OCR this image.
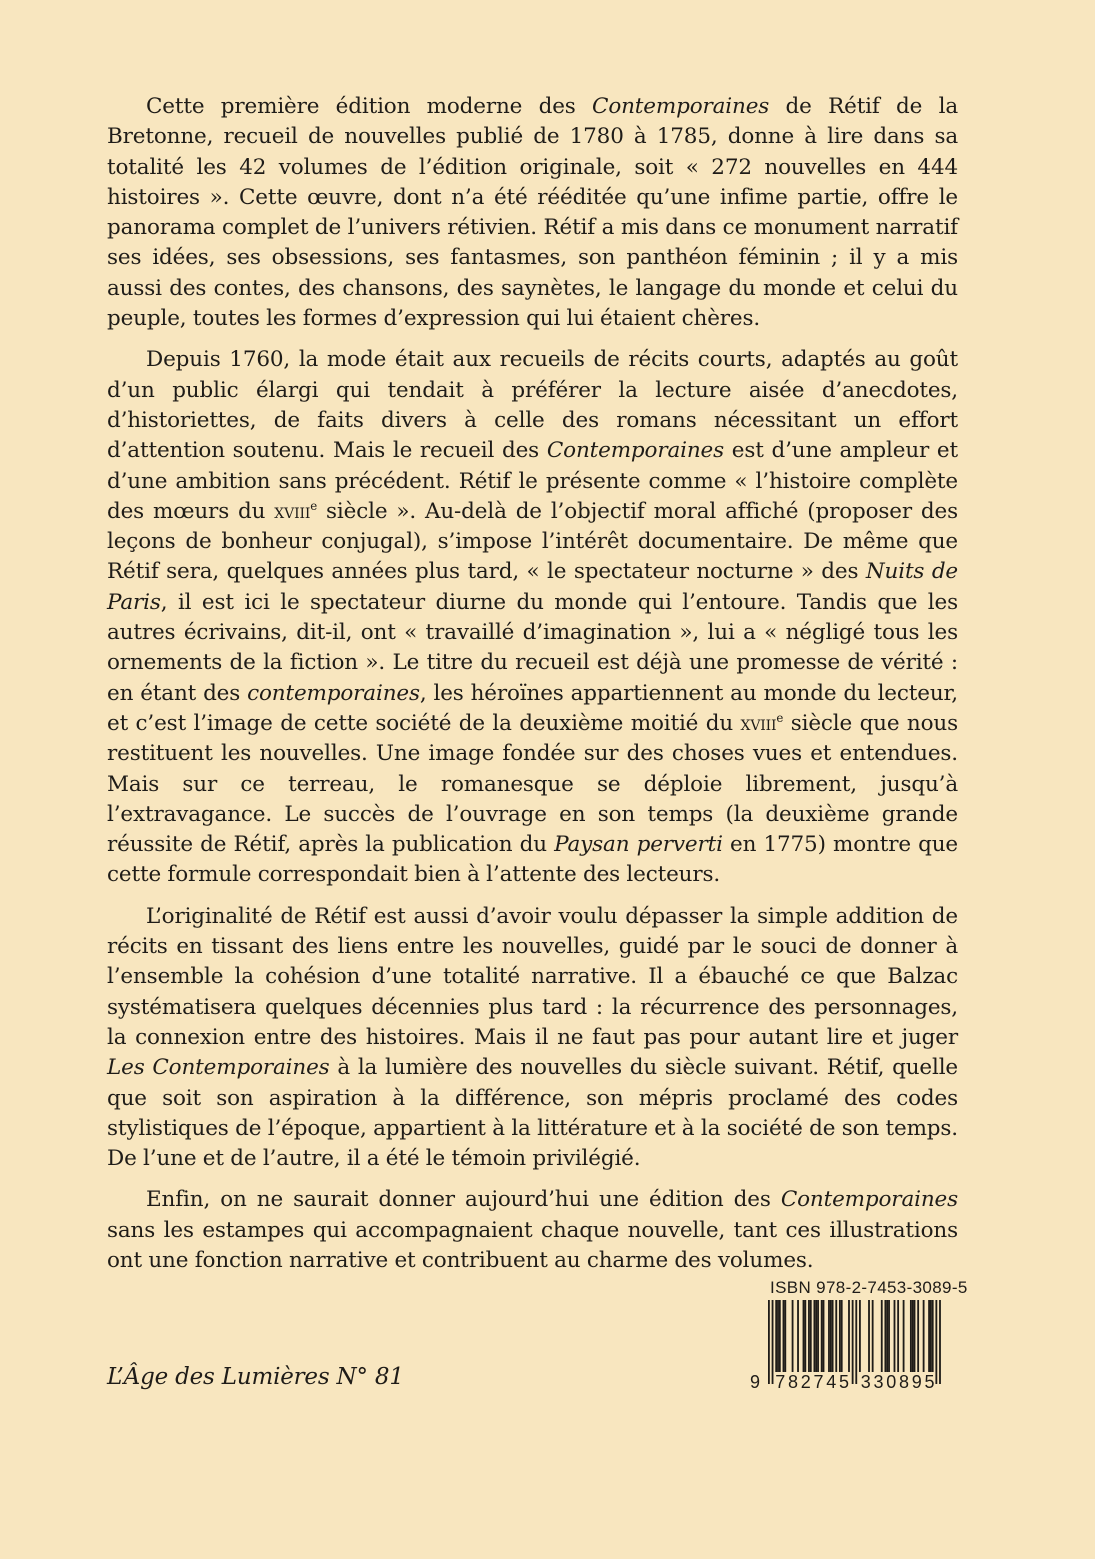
Cette première édition moderne des Contemporaines de Rétif de la Bretonne, recueil de nouvelles publié de 1780 à 1785, donne à lire dans sa totalité les 42 volumes de l’édition originale, soit « 272 nouvelles en 444 histoires ». Cette œuvre, dont n’a été rééditée qu’une infime partie, offre le panorama complet de l’univers rétivien. Rétif a mis dans ce monument narratif ses idées, ses obsessions, ses fantasmes, son panthéon féminin ; il y a mis aussi des contes, des chansons, des saynètes, le langage du monde et celui du peuple, toutes les formes d’expression qui lui étaient chères.

Depuis 1760, la mode était aux recueils de récits courts, adaptés au goût d’un public élargi qui tendait à préférer la lecture aisée d’anecdotes, d’historiettes, de faits divers à celle des romans nécessitant un effort d’attention soutenu. Mais le recueil des Contemporaines est d’une ampleur et d’une ambition sans précédent. Rétif le présente comme « l’histoire complète des mœurs du xviii$^e$ siècle ». Au-delà de l’objectif moral affiché (proposer des leçons de bonheur conjugal), s’impose l’intérêt documentaire. De même que Rétif sera, quelques années plus tard, « le spectateur nocturne » des Nuits de Paris, il est ici le spectateur diurne du monde qui l’entoure. Tandis que les autres écrivains, dit-il, ont « travaillé d’imagination », lui a « négligé tous les ornements de la fiction ». Le titre du recueil est déjà une promesse de vérité : en étant des contemporaines, les héroïnes appartiennent au monde du lecteur, et c’est l’image de cette société de la deuxième moitié du xviii$^e$ siècle que nous restituent les nouvelles. Une image fondée sur des choses vues et entendues. Mais sur ce terreau, le romanesque se déploie librement, jusqu’à l’extravagance. Le succès de l’ouvrage en son temps (la deuxième grande réussite de Rétif, après la publication du Paysan perverti en 1775) montre que cette formule correspondait bien à l’attente des lecteurs.

L’originalité de Rétif est aussi d’avoir voulu dépasser la simple addition de récits en tissant des liens entre les nouvelles, guidé par le souci de donner à l’ensemble la cohésion d’une totalité narrative. Il a ébauché ce que Balzac systématisera quelques décennies plus tard : la récurrence des personnages, la connexion entre des histoires. Mais il ne faut pas pour autant lire et juger Les Contemporaines à la lumière des nouvelles du siècle suivant. Rétif, quelle que soit son aspiration à la différence, son mépris proclamé des codes stylistiques de l’époque, appartient à la littérature et à la société de son temps. De l’une et de l’autre, il a été le témoin privilégié.

Enfin, on ne saurait donner aujourd’hui une édition des Contemporaines sans les estampes qui accompagnaient chaque nouvelle, tant ces illustrations ont une fonction narrative et contribuent au charme des volumes.

L’Âge des Lumières N° 81
ISBN 978-2-7453-3089-5
9 7	3
8	3
2	0
7	8
4	9
5	5
